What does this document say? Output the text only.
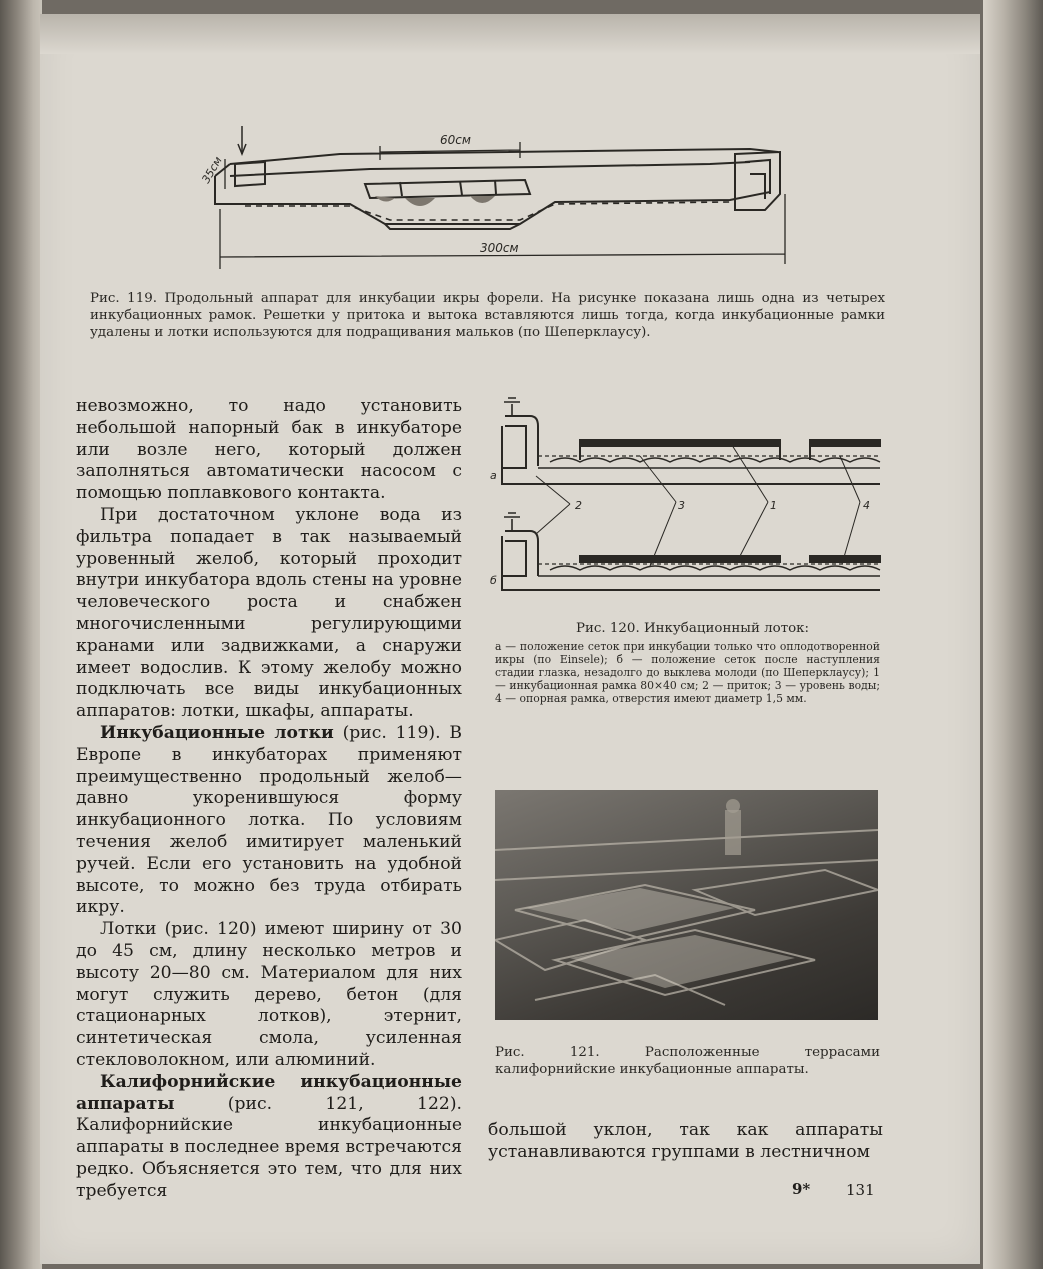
60см
35см
300см
Рис. 119. Продольный аппарат для инкубации икры форели. На рисунке показана лишь одна из четырех инкубационных рамок. Решетки у притока и вытока вставляются лишь тогда, когда инкубационные рамки удалены и лотки используются для подращивания мальков (по Шеперклаусу).
а
б
2	3	1	4
Рис. 120. Инкубационный лоток:
а — положение сеток при инкубации только что оплодотворенной икры (по Einsele); б — положение сеток после наступления стадии глазка, незадолго до выклева молоди (по Шеперклаусу); 1 — инкубационная рамка 80×40 см; 2 — приток; 3 — уровень воды; 4 — опорная рамка, отверстия имеют диаметр 1,5 мм.
Рис. 121. Расположенные террасами калифорнийские инкубационные аппараты.

невозможно, то надо установить небольшой напорный бак в инкубаторе или возле него, который должен заполняться автоматически насосом с помощью поплавкового контакта.

При достаточном уклоне вода из фильтра попадает в так называемый уровенный желоб, который проходит внутри инкубатора вдоль стены на уровне человеческого роста и снабжен многочисленными регулирующими кранами или задвижками, а снаружи имеет водослив. К этому желобу можно подключать все виды инкубационных аппаратов: лотки, шкафы, аппараты.

Инкубационные лотки (рис. 119). В Европе в инкубаторах применяют преимущественно продольный желоб— давно укоренившуюся форму инкубационного лотка. По условиям течения желоб имитирует маленький ручей. Если его установить на удобной высоте, то можно без труда отбирать икру.

Лотки (рис. 120) имеют ширину от 30 до 45 см, длину несколько метров и высоту 20—80 см. Материалом для них могут служить дерево, бетон (для стационарных лотков), этернит, синтетическая смола, усиленная стекловолокном, или алюминий.

Калифорнийские инкубационные аппараты (рис. 121, 122). Калифорнийские инкубационные аппараты в последнее время встречаются редко. Объясняется это тем, что для них требуется

большой уклон, так как аппараты устанавливаются группами в лестничном

9* 131
